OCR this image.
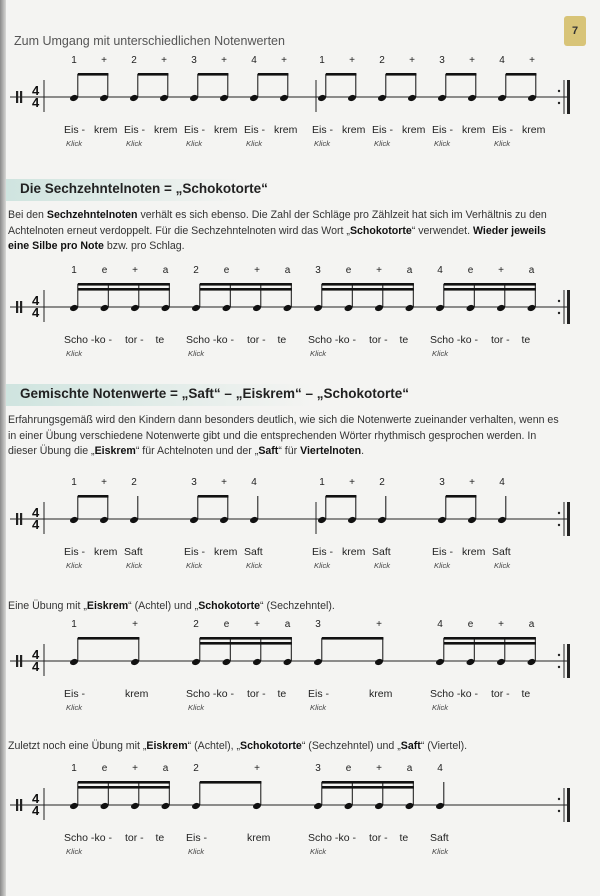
Zum Umgang mit unterschiedlichen Notenwerten
7
4
4
Die Sechzehntelnoten = „Schokotorte“
Bei den Sechzehntelnoten verhält es sich ebenso. Die Zahl der Schläge pro Zählzeit hat sich im Verhältnis zu den Achtelnoten erneut verdoppelt. Für die Sechzehntelnoten wird das Wort „Schokotorte“ verwendet. Wieder jeweils eine Silbe pro Note bzw. pro Schlag.
4
4
Gemischte Notenwerte = „Saft“ – „Eiskrem“ – „Schokotorte“
Erfahrungsgemäß wird den Kindern dann besonders deutlich, wie sich die Notenwerte zueinander verhalten, wenn es in einer Übung verschiedene Notenwerte gibt und die entsprechenden Wörter rhythmisch gesprochen werden. In dieser Übung die „Eiskrem“ für Achtelnoten und der „Saft“ für Viertelnoten.
4
4
Eine Übung mit „Eiskrem“ (Achtel) und „Schokotorte“ (Sechzehntel).
4
4
Zuletzt noch eine Übung mit „Eiskrem“ (Achtel), „Schokotorte“ (Sechzehntel) und „Saft“ (Viertel).
4
4
1
Eis -
Klick
+
krem
2
Eis -
Klick
+
krem
3
Eis -
Klick
+
krem
4
Eis -
Klick
+
krem
1
Eis -
Klick
+
krem
2
Eis -
Klick
+
krem
3
Eis -
Klick
+
krem
4
Eis -
Klick
+
krem
1
Scho -
Klick
e
ko -
+
tor -
a
te
2
Scho -
Klick
e
ko -
+
tor -
a
te
3
Scho -
Klick
e
ko -
+
tor -
a
te
4
Scho -
Klick
e
ko -
+
tor -
a
te
1
Eis -
Klick
+
krem
2
Saft
Klick
3
Eis -
Klick
+
krem
4
Saft
Klick
1
Eis -
Klick
+
krem
2
Saft
Klick
3
Eis -
Klick
+
krem
4
Saft
Klick
1
Eis -
Klick
+
krem
2
Scho -
Klick
e
ko -
+
tor -
a
te
3
Eis -
Klick
+
krem
4
Scho -
Klick
e
ko -
+
tor -
a
te
1
Scho -
Klick
e
ko -
+
tor -
a
te
2
Eis -
Klick
+
krem
3
Scho -
Klick
e
ko -
+
tor -
a
te
4
Saft
Klick
